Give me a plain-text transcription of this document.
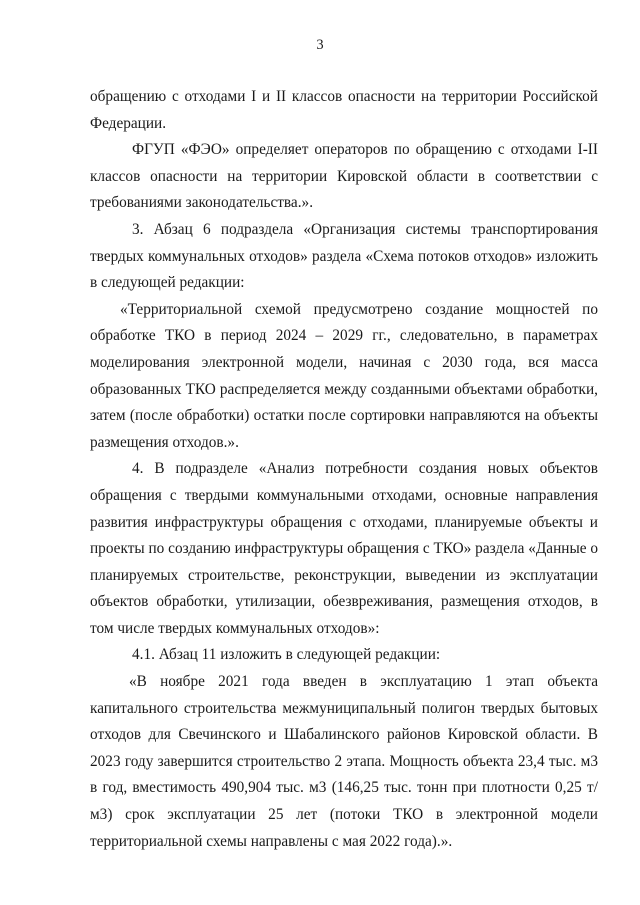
3

обращению с отходами I и II классов опасности на территории Российской Федерации.

ФГУП «ФЭО» определяет операторов по обращению с отходами I-II классов опасности на территории Кировской области в соответствии с требованиями законодательства.».

3. Абзац 6 подраздела «Организация системы транспортирования твердых коммунальных отходов» раздела «Схема потоков отходов» изложить в следующей редакции:

«Территориальной схемой предусмотрено создание мощностей по обработке ТКО в период 2024 – 2029 гг., следовательно, в параметрах моделирования электронной модели, начиная с 2030 года, вся масса образованных ТКО распределяется между созданными объектами обработки, затем (после обработки) остатки после сортировки направляются на объекты размещения отходов.».

4. В подразделе «Анализ потребности создания новых объектов обращения с твердыми коммунальными отходами, основные направления развития инфраструктуры обращения с отходами, планируемые объекты и проекты по созданию инфраструктуры обращения с ТКО» раздела «Данные о планируемых строительстве, реконструкции, выведении из эксплуатации объектов обработки, утилизации, обезвреживания, размещения отходов, в том числе твердых коммунальных отходов»:

4.1. Абзац 11 изложить в следующей редакции:

«В ноябре 2021 года введен в эксплуатацию 1 этап объекта капитального строительства межмуниципальный полигон твердых бытовых отходов для Свечинского и Шабалинского районов Кировской области. В 2023 году завершится строительство 2 этапа. Мощность объекта 23,4 тыс. м3 в год, вместимость 490,904 тыс. м3 (146,25 тыс. тонн при плотности 0,25 т/м3) срок эксплуатации 25 лет (потоки ТКО в электронной модели территориальной схемы направлены с мая 2022 года).».
